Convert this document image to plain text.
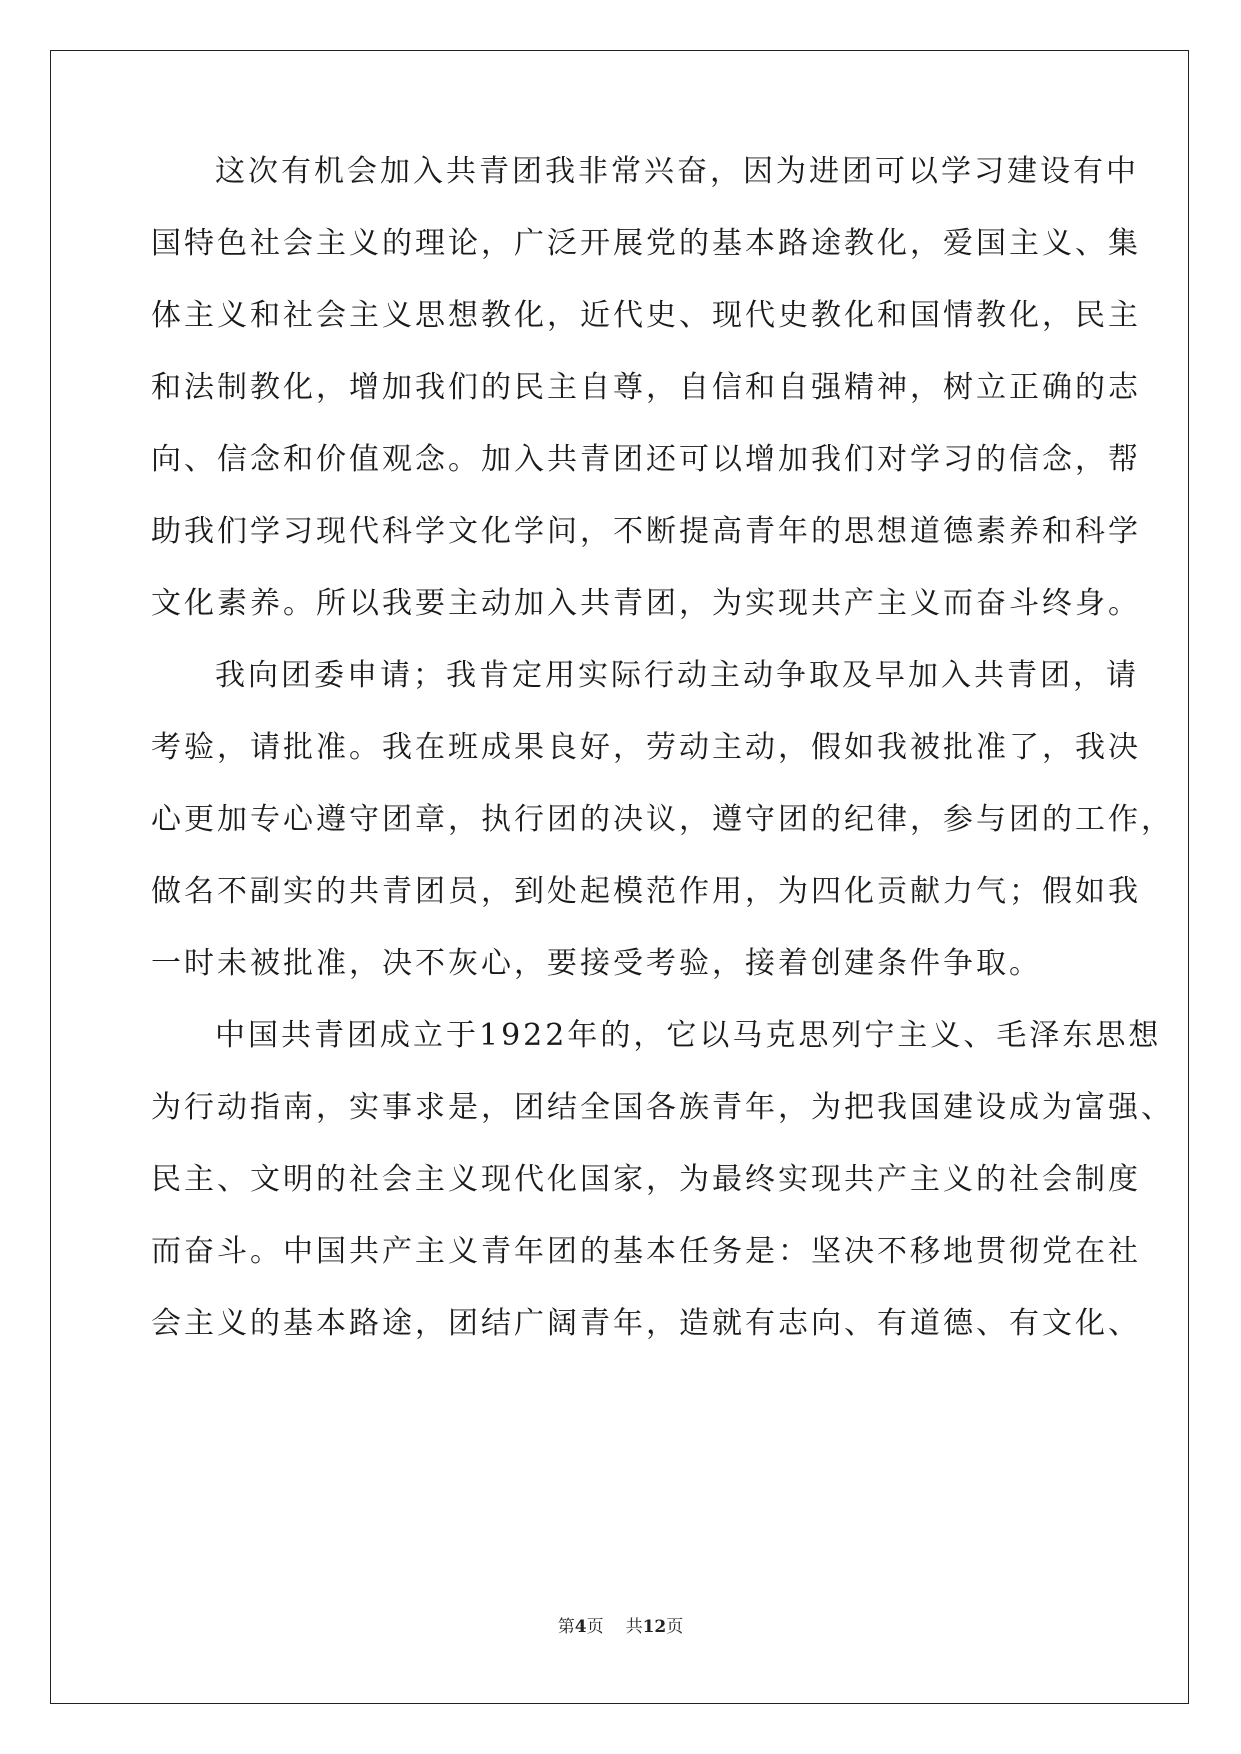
这次有机会加入共青团我非常兴奋，因为进团可以学习建设有中
国特色社会主义的理论，广泛开展党的基本路途教化，爱国主义、集
体主义和社会主义思想教化，近代史、现代史教化和国情教化，民主
和法制教化，增加我们的民主自尊，自信和自强精神，树立正确的志
向、信念和价值观念。加入共青团还可以增加我们对学习的信念，帮
助我们学习现代科学文化学问，不断提高青年的思想道德素养和科学
文化素养。所以我要主动加入共青团，为实现共产主义而奋斗终身。
我向团委申请；我肯定用实际行动主动争取及早加入共青团，请
考验，请批准。我在班成果良好，劳动主动，假如我被批准了，我决
心更加专心遵守团章，执行团的决议，遵守团的纪律，参与团的工作，
做名不副实的共青团员，到处起模范作用，为四化贡献力气；假如我
一时未被批准，决不灰心，要接受考验，接着创建条件争取。
中国共青团成立于1922年的，它以马克思列宁主义、毛泽东思想
为行动指南，实事求是，团结全国各族青年，为把我国建设成为富强、
民主、文明的社会主义现代化国家，为最终实现共产主义的社会制度
而奋斗。中国共产主义青年团的基本任务是：坚决不移地贯彻党在社
会主义的基本路途，团结广阔青年，造就有志向、有道德、有文化、
第4页 共12页
